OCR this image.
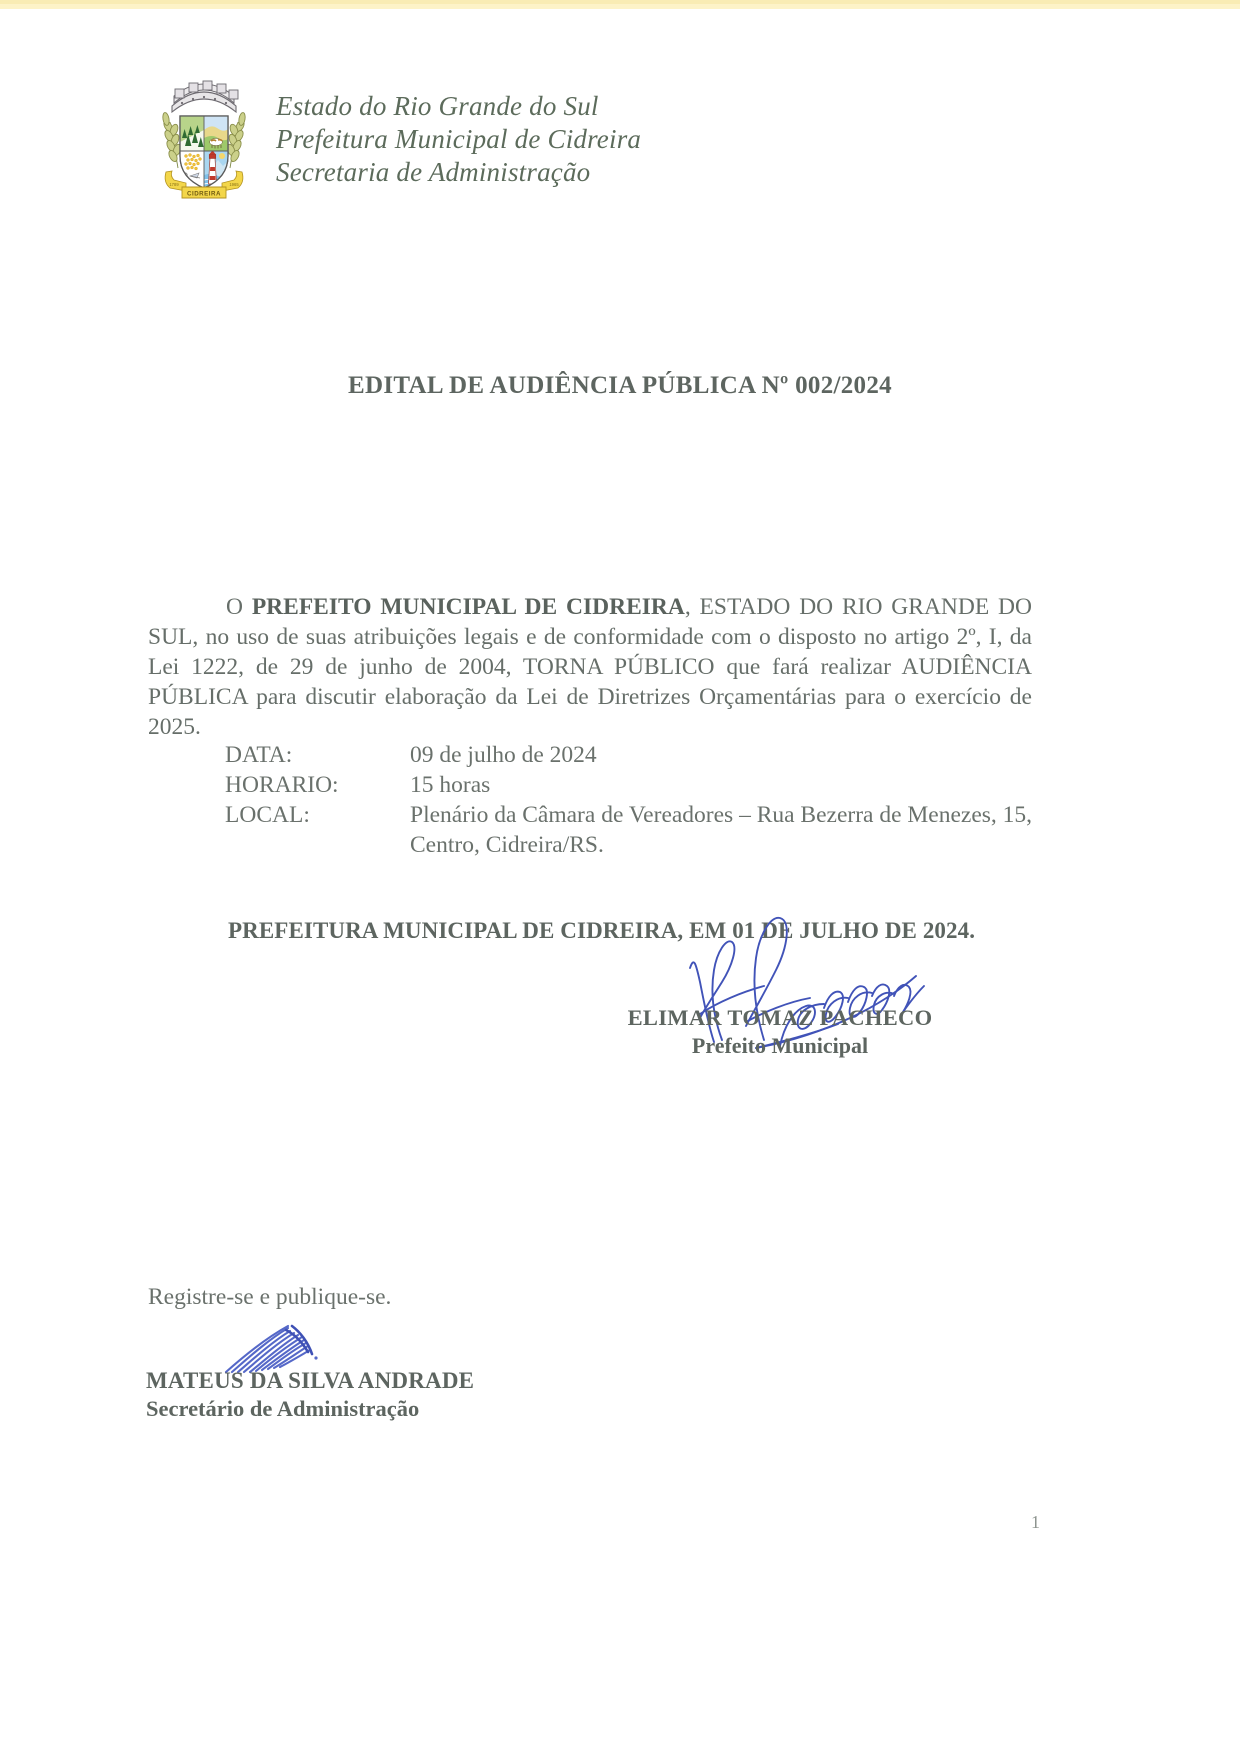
CIDREIRA
1789	1965
Estado do Rio Grande do Sul
Prefeitura Municipal de Cidreira
Secretaria de Administração
EDITAL DE AUDIÊNCIA PÚBLICA Nº 002/2024

O PREFEITO MUNICIPAL DE CIDREIRA, ESTADO DO RIO GRANDE DO SUL, no uso de suas atribuições legais e de conformidade com o disposto no artigo 2º, I, da Lei 1222, de 29 de junho de 2004, TORNA PÚBLICO que fará realizar AUDIÊNCIA PÚBLICA para discutir elaboração da Lei de Diretrizes Orçamentárias para o exercício de 2025.

DATA:	09 de julho de 2024
HORARIO:	15 horas
LOCAL:	Plenário da Câmara de Vereadores – Rua Bezerra de Menezes, 15, Centro, Cidreira/RS.
PREFEITURA MUNICIPAL DE CIDREIRA, EM 01 DE JULHO DE 2024.
ELIMAR TOMAZ PACHECO
Prefeito Municipal
Registre-se e publique-se.
MATEUS DA SILVA ANDRADE
Secretário de Administração
1
